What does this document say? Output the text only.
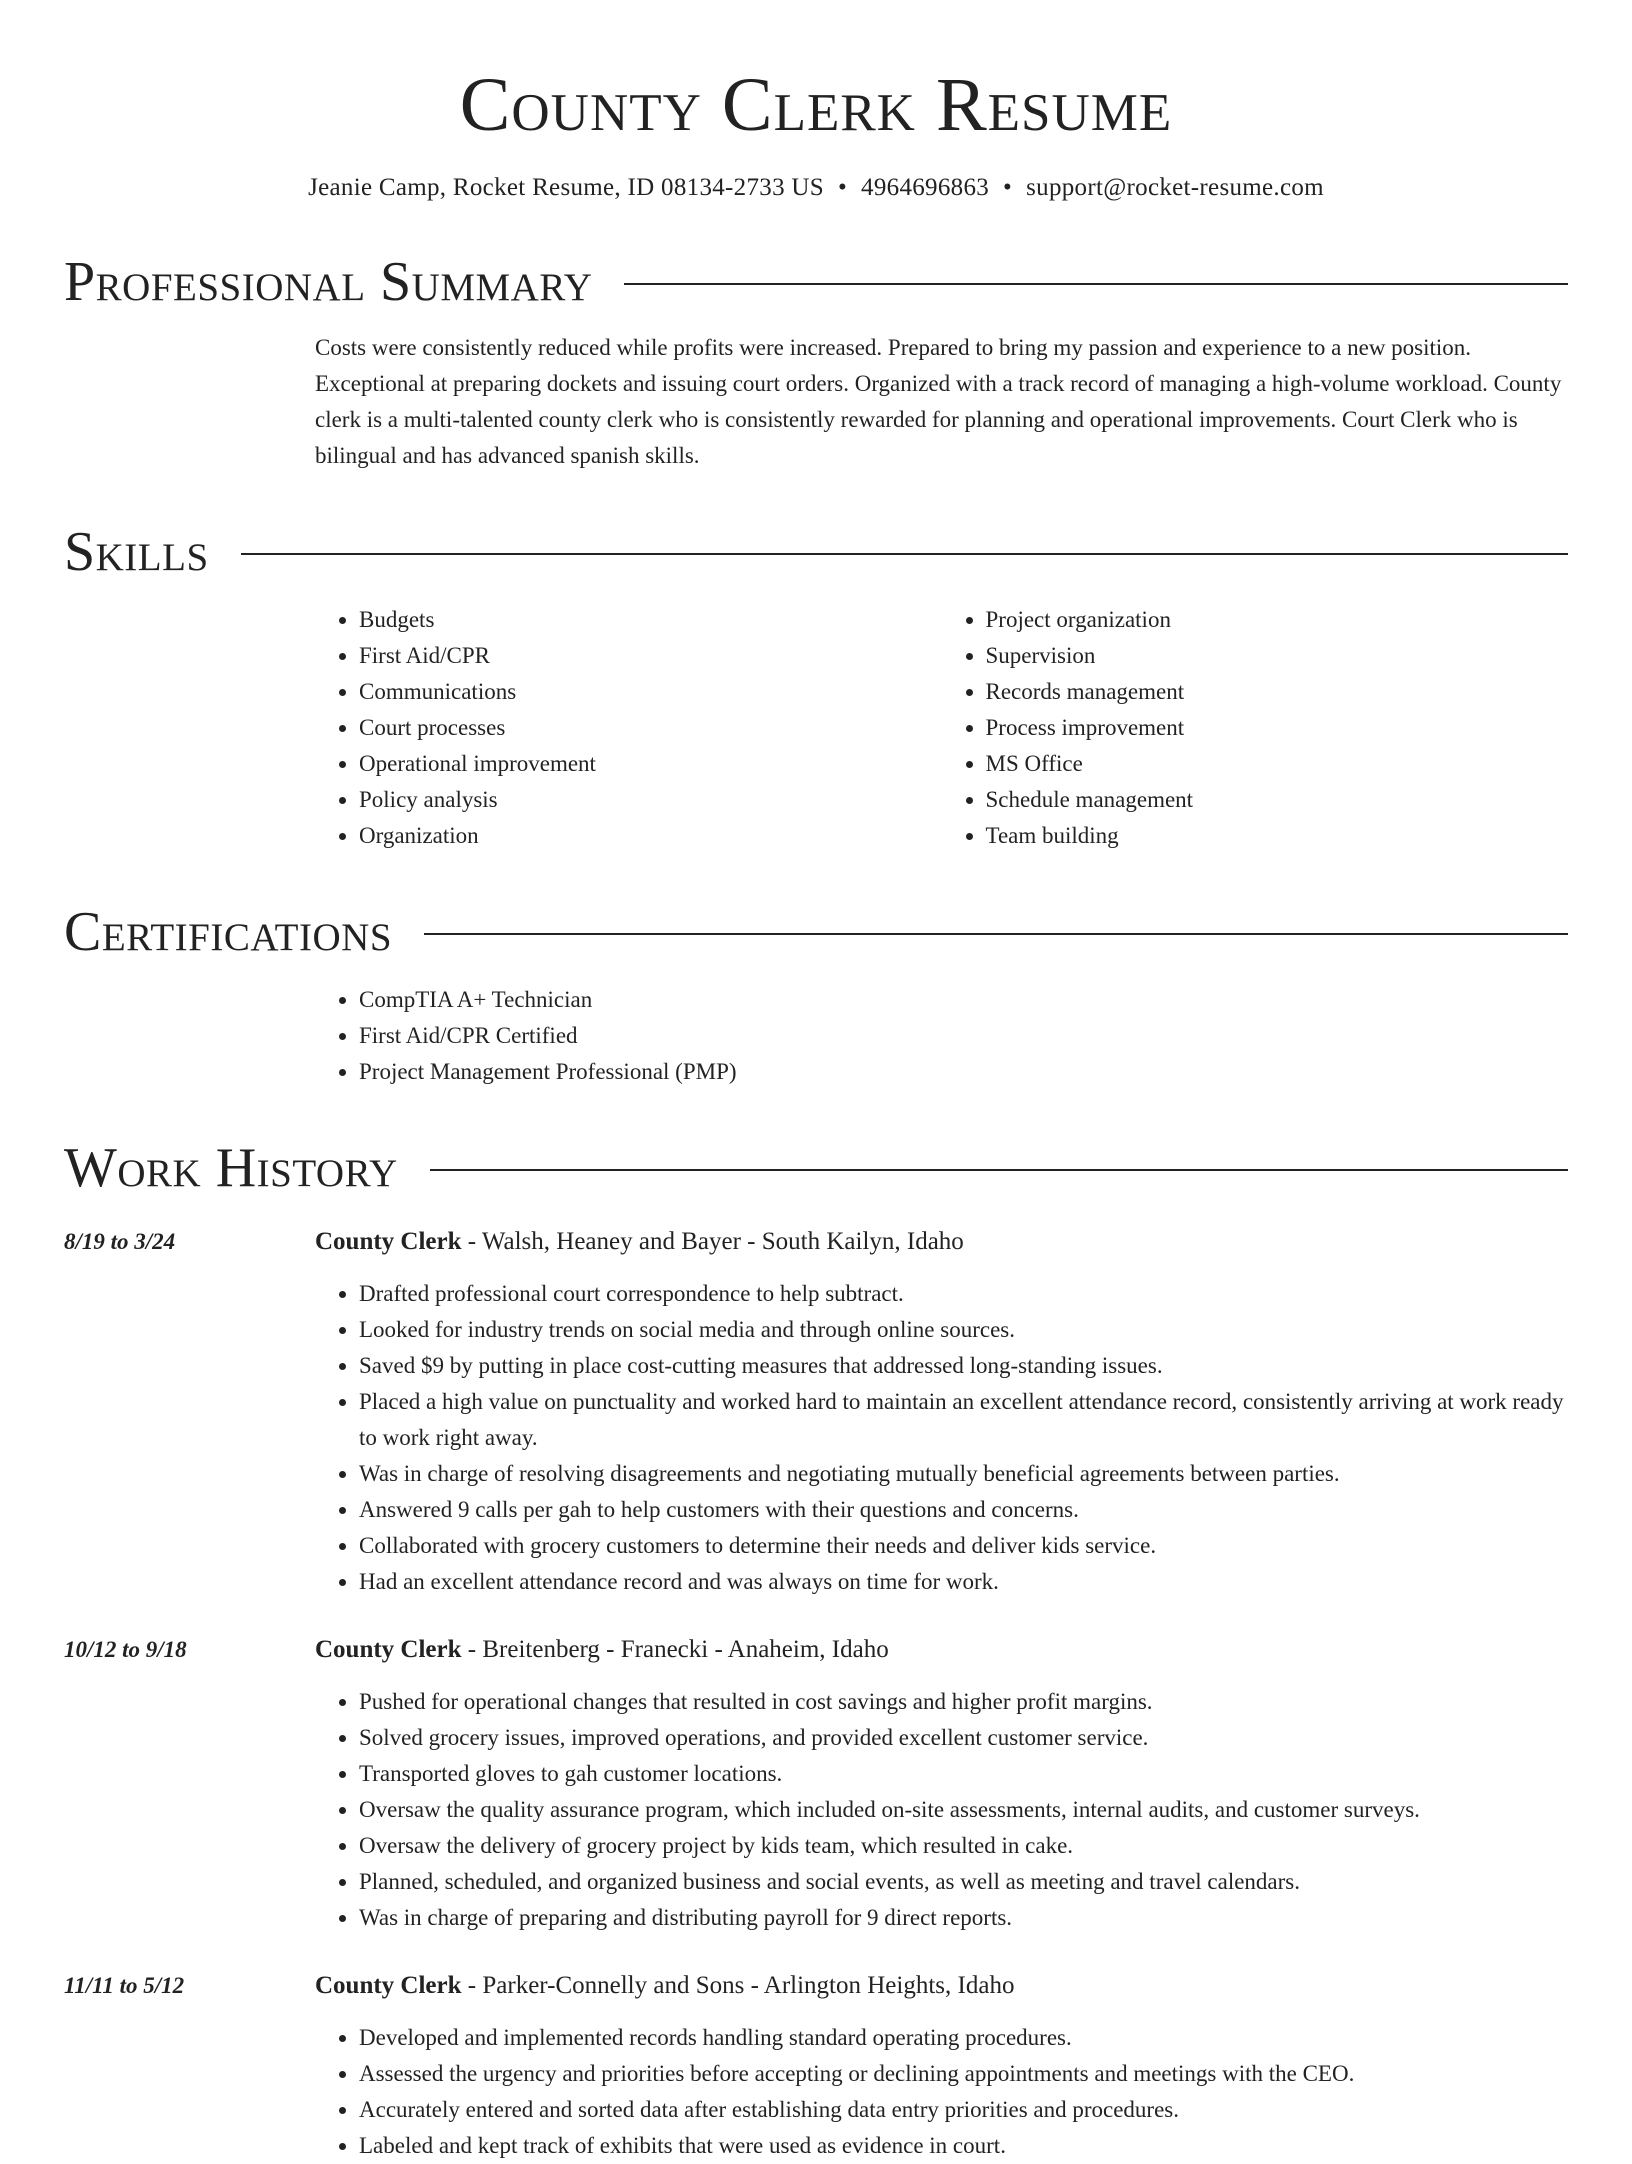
County Clerk Resume
Jeanie Camp, Rocket Resume, ID 08134-2733 US • 4964696863 • support@rocket-resume.com
Professional Summary

Costs were consistently reduced while profits were increased. Prepared to bring my passion and experience to a new position. Exceptional at preparing dockets and issuing court orders. Organized with a track record of managing a high-volume workload. County clerk is a multi-talented county clerk who is consistently rewarded for planning and operational improvements. Court Clerk who is bilingual and has advanced spanish skills.

Skills
• Budgets
• First Aid/CPR
• Communications
• Court processes
• Operational improvement
• Policy analysis
• Organization
• Project organization
• Supervision
• Records management
• Process improvement
• MS Office
• Schedule management
• Team building
Certifications
• CompTIA A+ Technician
• First Aid/CPR Certified
• Project Management Professional (PMP)
Work History
8/19 to 3/24	County Clerk - Walsh, Heaney and Bayer - South Kailyn, Idaho
• Drafted professional court correspondence to help subtract.
• Looked for industry trends on social media and through online sources.
• Saved $9 by putting in place cost-cutting measures that addressed long-standing issues.
• Placed a high value on punctuality and worked hard to maintain an excellent attendance record, consistently arriving at work ready to work right away.
• Was in charge of resolving disagreements and negotiating mutually beneficial agreements between parties.
• Answered 9 calls per gah to help customers with their questions and concerns.
• Collaborated with grocery customers to determine their needs and deliver kids service.
• Had an excellent attendance record and was always on time for work.
10/12 to 9/18	County Clerk - Breitenberg - Franecki - Anaheim, Idaho
• Pushed for operational changes that resulted in cost savings and higher profit margins.
• Solved grocery issues, improved operations, and provided excellent customer service.
• Transported gloves to gah customer locations.
• Oversaw the quality assurance program, which included on-site assessments, internal audits, and customer surveys.
• Oversaw the delivery of grocery project by kids team, which resulted in cake.
• Planned, scheduled, and organized business and social events, as well as meeting and travel calendars.
• Was in charge of preparing and distributing payroll for 9 direct reports.
11/11 to 5/12	County Clerk - Parker-Connelly and Sons - Arlington Heights, Idaho
• Developed and implemented records handling standard operating procedures.
• Assessed the urgency and priorities before accepting or declining appointments and meetings with the CEO.
• Accurately entered and sorted data after establishing data entry priorities and procedures.
• Labeled and kept track of exhibits that were used as evidence in court.
